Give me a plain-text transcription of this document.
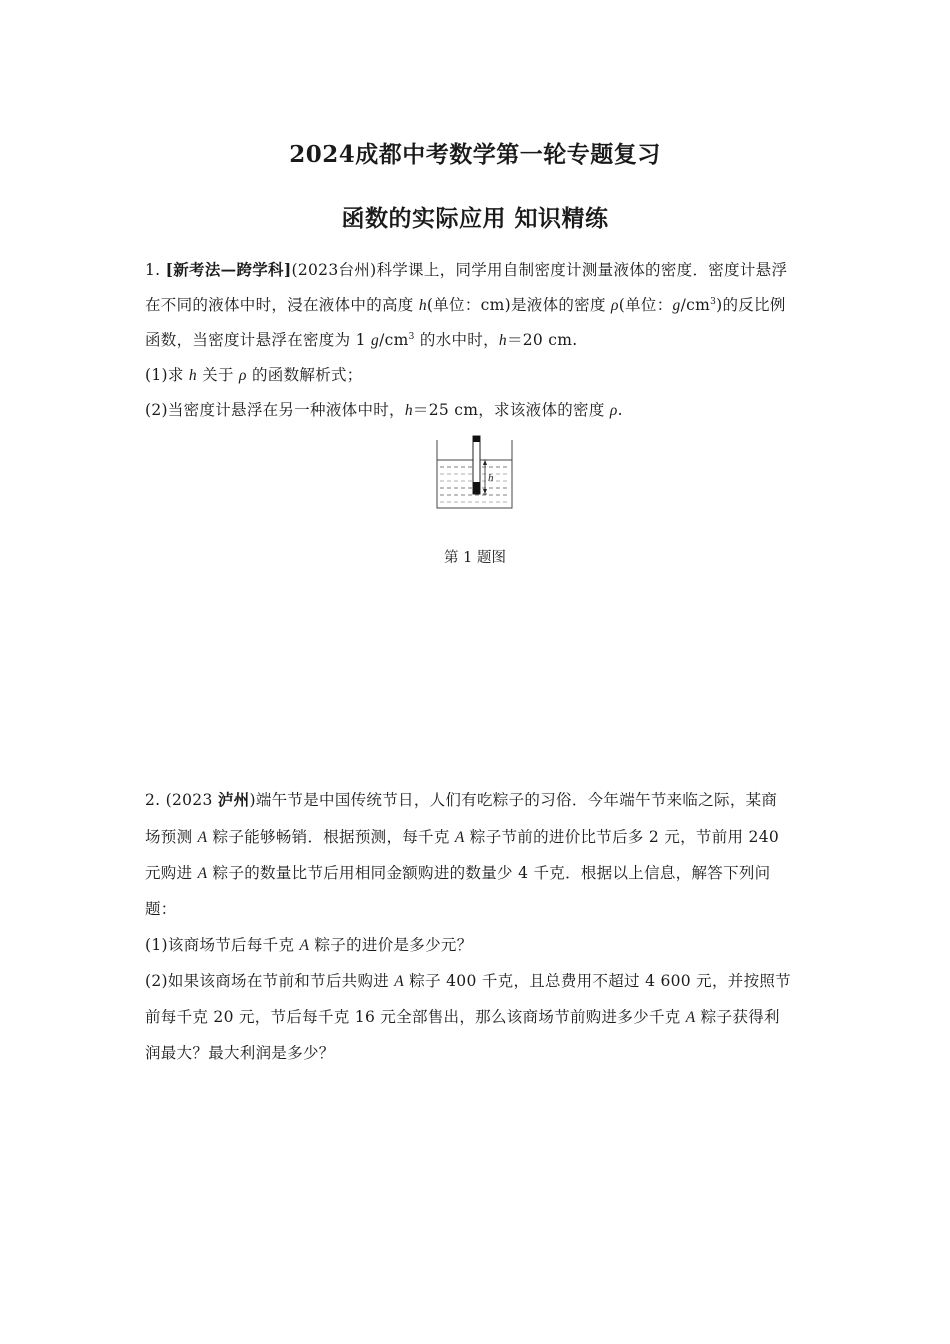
2024成都中考数学第一轮专题复习
函数的实际应用 知识精练
1. [新考法—跨学科](2023台州)科学课上，同学用自制密度计测量液体的密度．密度计悬浮
在不同的液体中时，浸在液体中的高度 h(单位：cm)是液体的密度 ρ(单位：$g/cm^3$)的反比例
函数，当密度计悬浮在密度为 1 $g/cm^3$ 的水中时，h＝20 cm.
(1)求 h 关于 ρ 的函数解析式；
(2)当密度计悬浮在另一种液体中时，h＝25 cm，求该液体的密度 ρ.
h
第 1 题图
2. (2023 泸州)端午节是中国传统节日，人们有吃粽子的习俗．今年端午节来临之际，某商
场预测 A 粽子能够畅销．根据预测，每千克 A 粽子节前的进价比节后多 2 元，节前用 240
元购进 A 粽子的数量比节后用相同金额购进的数量少 4 千克．根据以上信息，解答下列问
题：
(1)该商场节后每千克 A 粽子的进价是多少元？
(2)如果该商场在节前和节后共购进 A 粽子 400 千克，且总费用不超过 4 600 元，并按照节
前每千克 20 元，节后每千克 16 元全部售出，那么该商场节前购进多少千克 A 粽子获得利
润最大？最大利润是多少？
